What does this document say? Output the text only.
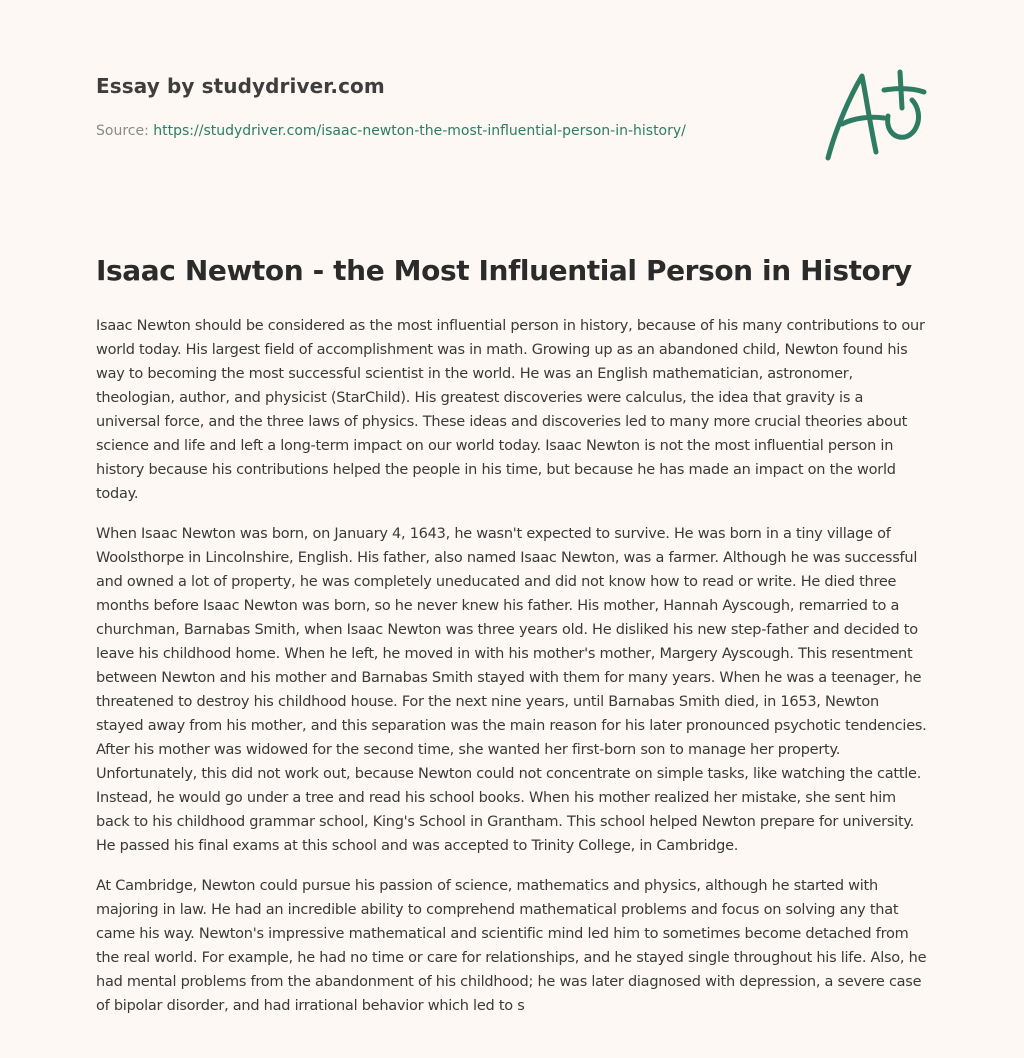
Essay by studydriver.com
Source: https://studydriver.com/isaac-newton-the-most-influential-person-in-history/
Isaac Newton - the Most Influential Person in History

Isaac Newton should be considered as the most influential person in history, because of his many contributions to our world today. His largest field of accomplishment was in math. Growing up as an abandoned child, Newton found his way to becoming the most successful scientist in the world. He was an English mathematician, astronomer, theologian, author, and physicist (StarChild). His greatest discoveries were calculus, the idea that gravity is a universal force, and the three laws of physics. These ideas and discoveries led to many more crucial theories about science and life and left a long-term impact on our world today. Isaac Newton is not the most influential person in history because his contributions helped the people in his time, but because he has made an impact on the world today.

When Isaac Newton was born, on January 4, 1643, he wasn't expected to survive. He was born in a tiny village of Woolsthorpe in Lincolnshire, English. His father, also named Isaac Newton, was a farmer. Although he was successful and owned a lot of property, he was completely uneducated and did not know how to read or write. He died three months before Isaac Newton was born, so he never knew his father. His mother, Hannah Ayscough, remarried to a churchman, Barnabas Smith, when Isaac Newton was three years old. He disliked his new step-father and decided to leave his childhood home. When he left, he moved in with his mother's mother, Margery Ayscough. This resentment between Newton and his mother and Barnabas Smith stayed with them for many years. When he was a teenager, he threatened to destroy his childhood house. For the next nine years, until Barnabas Smith died, in 1653, Newton stayed away from his mother, and this separation was the main reason for his later pronounced psychotic tendencies. After his mother was widowed for the second time, she wanted her first-born son to manage her property. Unfortunately, this did not work out, because Newton could not concentrate on simple tasks, like watching the cattle. Instead, he would go under a tree and read his school books. When his mother realized her mistake, she sent him back to his childhood grammar school, King's School in Grantham. This school helped Newton prepare for university. He passed his final exams at this school and was accepted to Trinity College, in Cambridge.

At Cambridge, Newton could pursue his passion of science, mathematics and physics, although he started with majoring in law. He had an incredible ability to comprehend mathematical problems and focus on solving any that came his way. Newton's impressive mathematical and scientific mind led him to sometimes become detached from the real world. For example, he had no time or care for relationships, and he stayed single throughout his life. Also, he had mental problems from the abandonment of his childhood; he was later diagnosed with depression, a severe case of bipolar disorder, and had irrational behavior which led to s
